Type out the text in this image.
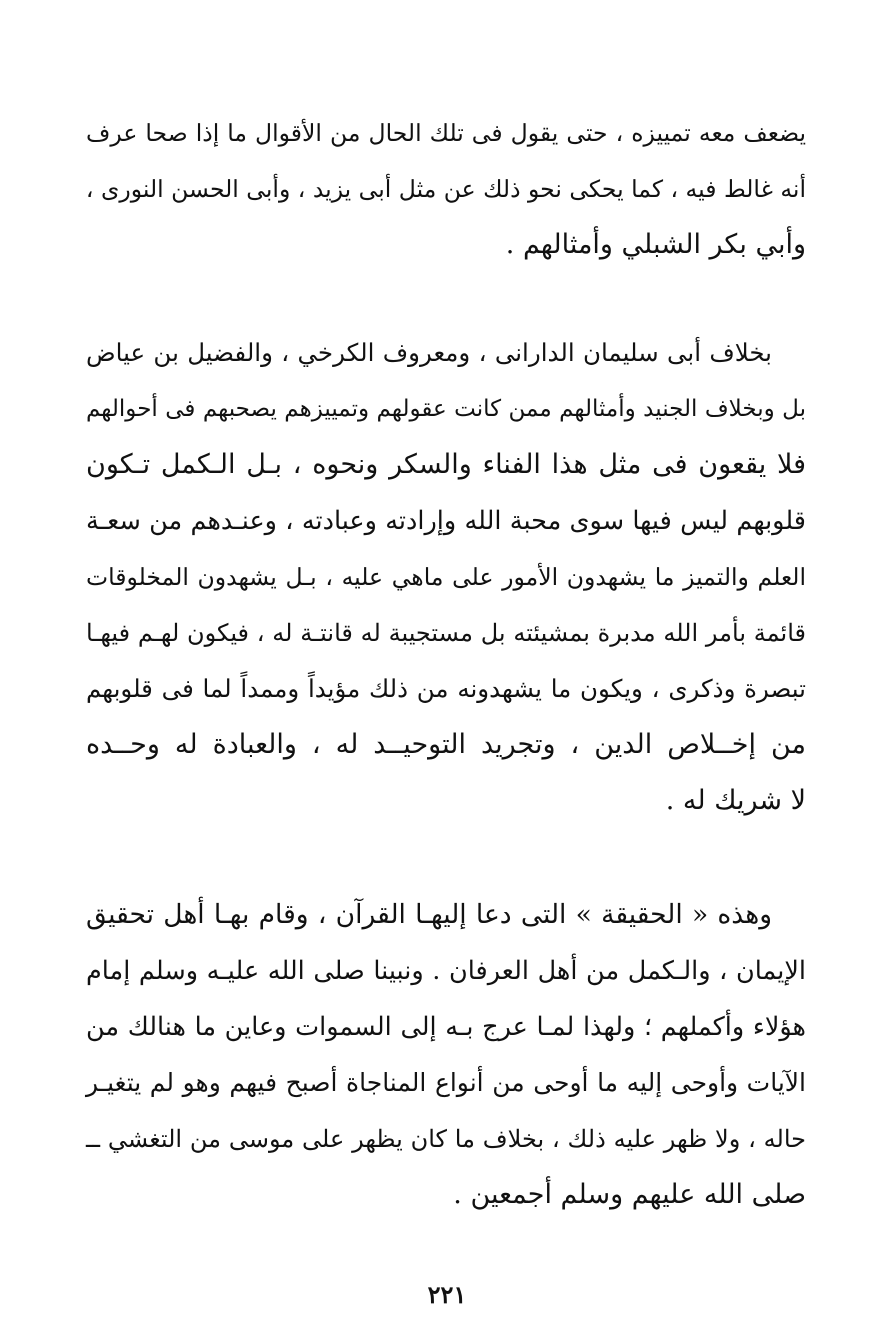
يضعف معه تمييزه ، حتى يقول فى تلك الحال من الأقوال ما إذا صحا عرف
أنه غالط فيه ، كما يحكى نحو ذلك عن مثل أبى يزيد ، وأبى الحسن النورى ،
وأبي بكر الشبلي وأمثالهم .
بخلاف أبى سليمان الدارانى ، ومعروف الكرخي ، والفضيل بن عياض
بل وبخلاف الجنيد وأمثالهم ممن كانت عقولهم وتمييزهم يصحبهم فى أحوالهم
فلا يقعون فى مثل هذا الفناء والسكر ونحوه ، بـل الـكمل تـكون
قلوبهم ليس فيها سوى محبة الله وإرادته وعبادته ، وعنـدهم من سعـة
العلم والتميز ما يشهدون الأمور على ماهي عليه ، بـل يشهدون المخلوقات
قائمة بأمر الله مدبرة بمشيئته بل مستجيبة له قانتـة له ، فيكون لهـم فيهـا
تبصرة وذكرى ، ويكون ما يشهدونه من ذلك مؤيداً وممداً لما فى قلوبهم
من إخــلاص الدين ، وتجريد التوحيــد له ، والعبادة له وحــده
لا شريك له .
وهذه « الحقيقة » التى دعا إليهـا القرآن ، وقام بهـا أهل تحقيق
الإيمان ، والـكمل من أهل العرفان . ونبينا صلى الله عليـه وسلم إمام
هؤلاء وأكملهم ؛ ولهذا لمـا عرج بـه إلى السموات وعاين ما هنالك من
الآيات وأوحى إليه ما أوحى من أنواع المناجاة أصبح فيهم وهو لم يتغيـر
حاله ، ولا ظهر عليه ذلك ، بخلاف ما كان يظهر على موسى من التغشي ــ
صلى الله عليهم وسلم أجمعين .
٢٢١
